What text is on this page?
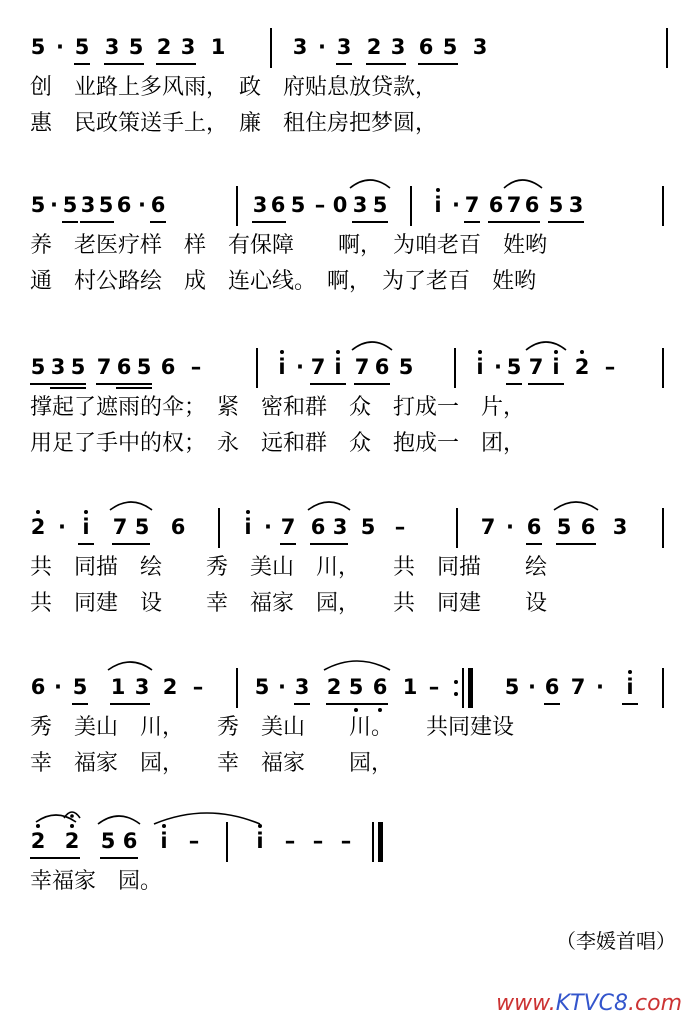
5 · 5 3 5 2 3 1	3 · 3 2 3 6 5 3
创　业路上多风雨，　政　府贴息放贷款，
惠　民政策送手上，　廉　租住房把梦圆，
5 · 5 3 5 6 · 6	3 6 5 – 0 3 5 i · 7 6 7 6 5 3
养　老医疗样　样　有保障　　啊，　为咱老百　姓哟
通　村公路绘　成　连心线。　啊，　为了老百　姓哟
5 3 5 7 6 5 6 –	i · 7 i 7 6 5	i · 5 7 i 2 –
撑起了遮雨的伞；　紧　密和群　众　打成一　片，
用足了手中的权；　永　远和群　众　抱成一　团，
2 · i 7 5 6	i · 7 6 3 5 –	7 · 6 5 6 3
共　同描　绘　　秀　美山　川，　　共　同描　　绘
共　同建　设　　幸　福家　园，　　共　同建　　设
6 · 5 1 3 2 – 5 · 3 2 5 6 1 –	5 · 6 7 · i
秀　美山　川，　　秀　美山　　川。　　共同建设
幸　福家　园，　　幸　福家　　园，
2 2 5 6 i –	i – – –
幸福家　园。
（李媛首唱）
www.KTVC8.com
